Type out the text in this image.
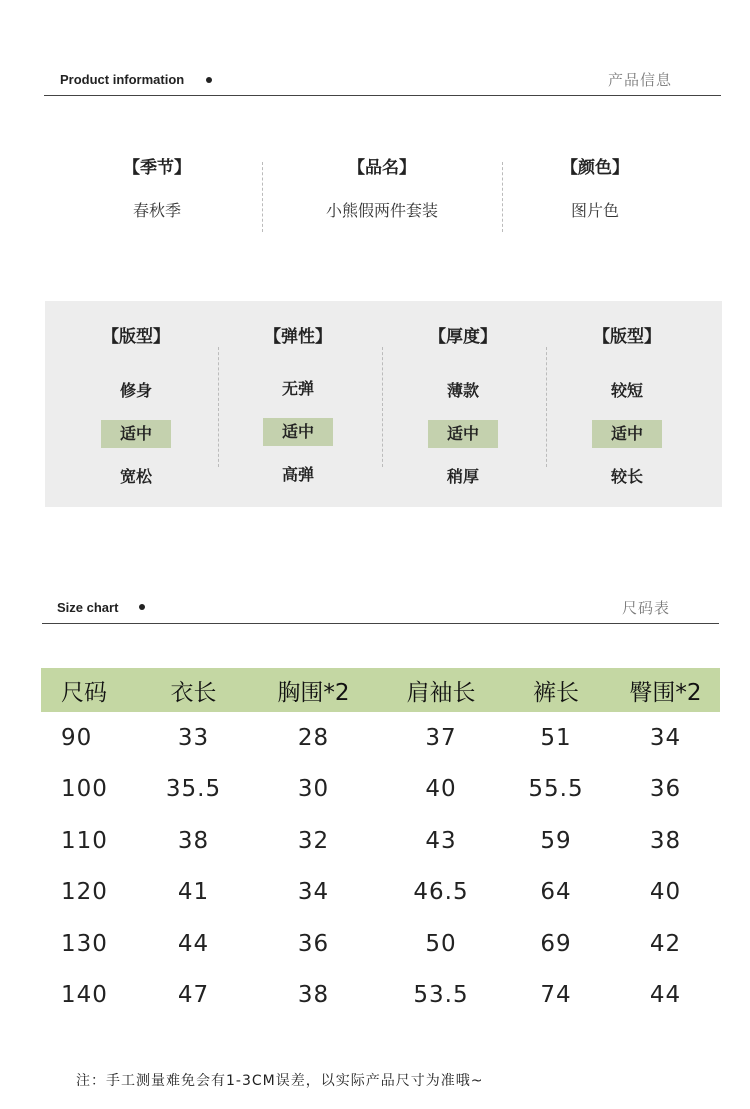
Product information	产品信息
【季节】
春秋季
【品名】
小熊假两件套装
【颜色】
图片色
【版型】
修身
适中
宽松
【弹性】
无弹
适中
高弹
【厚度】
薄款
适中
稍厚
【版型】
较短
适中
较长
Size chart	尺码表
尺码	衣长	胸围*2	肩袖长	裤长	臀围*2
90	33	28	37	51	34
100	35.5	30	40	55.5	36
110	38	32	43	59	38
120	41	34	46.5	64	40
130	44	36	50	69	42
140	47	38	53.5	74	44
注：手工测量难免会有1-3CM误差，以实际产品尺寸为准哦~
